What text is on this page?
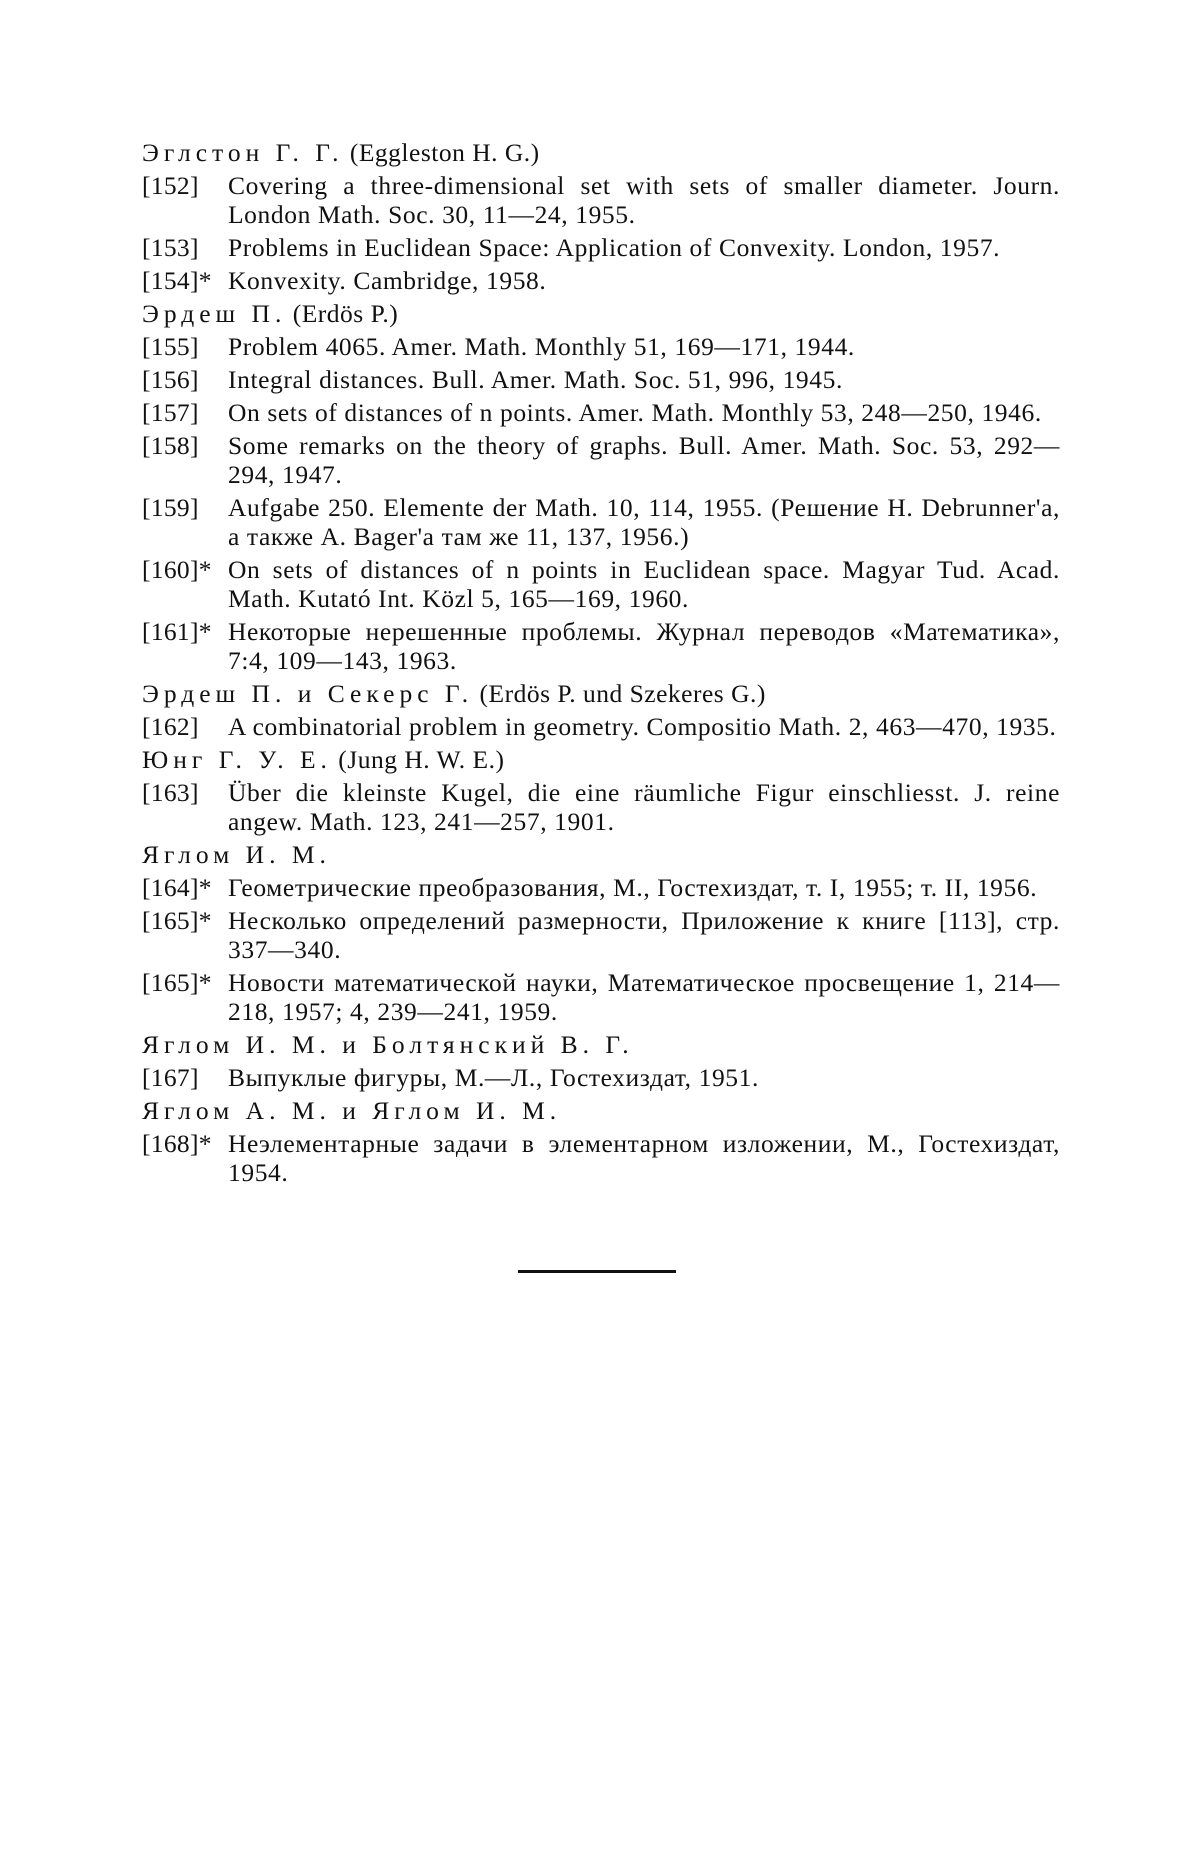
Эглстон Г. Г. (Eggleston H. G.)
[152] Covering a three-dimensional set with sets of smaller diameter. Journ. London Math. Soc. 30, 11—24, 1955.
[153] Problems in Euclidean Space: Application of Convexity. London, 1957.
[154]* Konvexity. Cambridge, 1958.
Эрдеш П. (Erdös P.)
[155] Problem 4065. Amer. Math. Monthly 51, 169—171, 1944.
[156] Integral distances. Bull. Amer. Math. Soc. 51, 996, 1945.
[157] On sets of distances of n points. Amer. Math. Monthly 53, 248—250, 1946.
[158] Some remarks on the theory of graphs. Bull. Amer. Math. Soc. 53, 292—294, 1947.
[159] Aufgabe 250. Elemente der Math. 10, 114, 1955. (Решение H. Debrunner'a, а также A. Bager'a там же 11, 137, 1956.)
[160]* On sets of distances of n points in Euclidean space. Magyar Tud. Acad. Math. Kutató Int. Közl 5, 165—169, 1960.
[161]* Некоторые нерешенные проблемы. Журнал переводов «Математика», 7:4, 109—143, 1963.
Эрдеш П. и Секерс Г. (Erdös P. und Szekeres G.)
[162] A combinatorial problem in geometry. Compositio Math. 2, 463—470, 1935.
Юнг Г. У. Е. (Jung H. W. E.)
[163] Über die kleinste Kugel, die eine räumliche Figur einschliesst. J. reine angew. Math. 123, 241—257, 1901.
Яглом И. М.
[164]* Геометрические преобразования, М., Гостехиздат, т. I, 1955; т. II, 1956.
[165]* Несколько определений размерности, Приложение к книге [113], стр. 337—340.
[165]* Новости математической науки, Математическое просвещение 1, 214—218, 1957; 4, 239—241, 1959.
Яглом И. М. и Болтянский В. Г.
[167] Выпуклые фигуры, М.—Л., Гостехиздат, 1951.
Яглом А. М. и Яглом И. М.
[168]* Неэлементарные задачи в элементарном изложении, М., Гостехиздат, 1954.
